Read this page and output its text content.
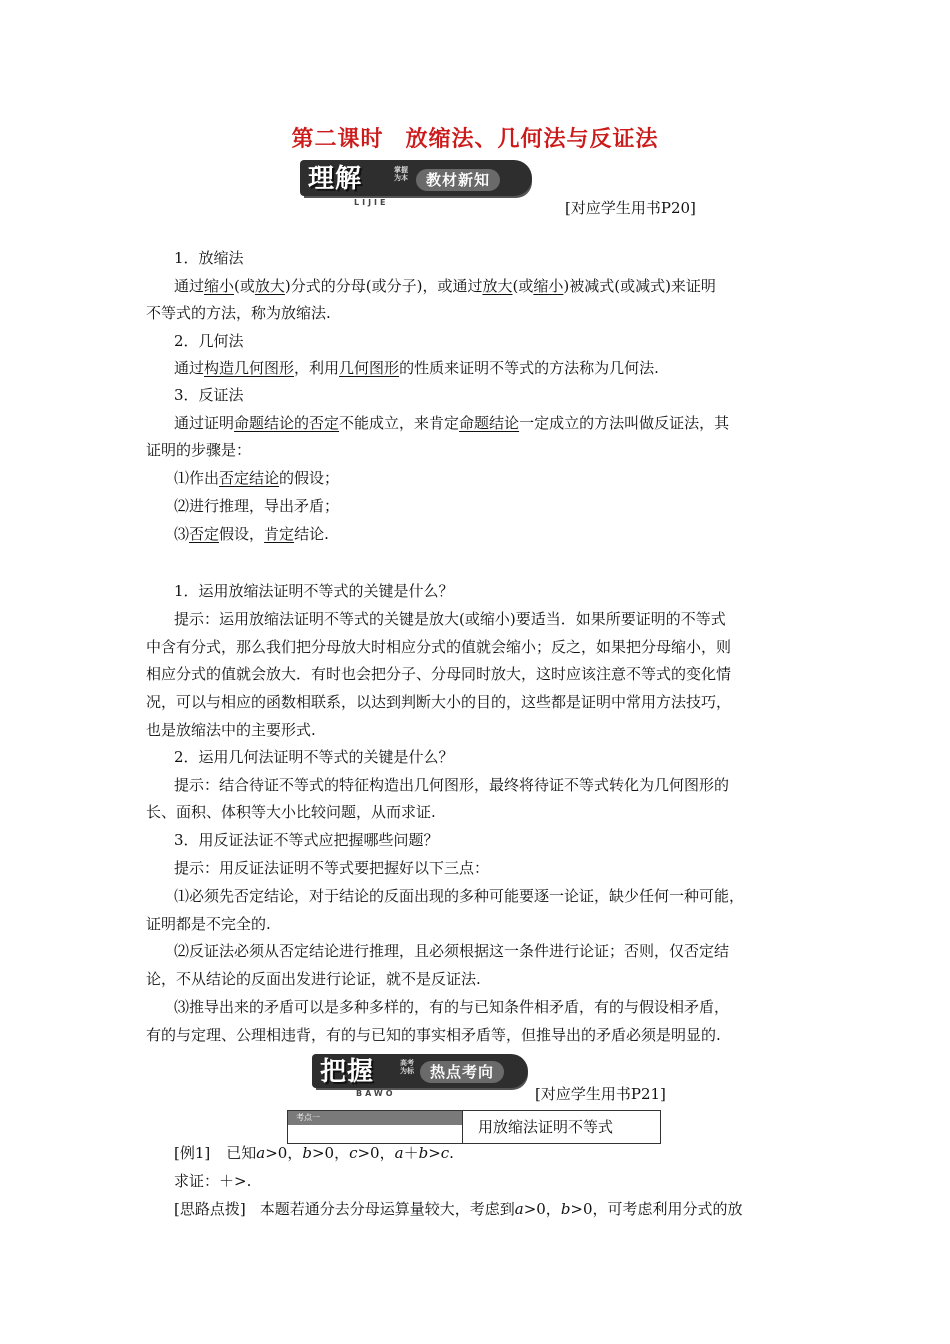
第二课时 放缩法、几何法与反证法
理解	掌握为本	教材新知
LIJIE	[对应学生用书P20]
1．放缩法
通过缩小(或放大)分式的分母(或分子)，或通过放大(或缩小)被减式(或减式)来证明
不等式的方法，称为放缩法.
2．几何法
通过构造几何图形，利用几何图形的性质来证明不等式的方法称为几何法.
3．反证法
通过证明命题结论的否定不能成立，来肯定命题结论一定成立的方法叫做反证法，其
证明的步骤是：
⑴作出否定结论的假设；
⑵进行推理，导出矛盾；
⑶否定假设，肯定结论.
1．运用放缩法证明不等式的关键是什么？
提示：运用放缩法证明不等式的关键是放大(或缩小)要适当．如果所要证明的不等式
中含有分式，那么我们把分母放大时相应分式的值就会缩小；反之，如果把分母缩小，则
相应分式的值就会放大．有时也会把分子、分母同时放大，这时应该注意不等式的变化情
况，可以与相应的函数相联系，以达到判断大小的目的，这些都是证明中常用方法技巧，
也是放缩法中的主要形式.
2．运用几何法证明不等式的关键是什么？
提示：结合待证不等式的特征构造出几何图形，最终将待证不等式转化为几何图形的
长、面积、体积等大小比较问题，从而求证.
3．用反证法证不等式应把握哪些问题？
提示：用反证法证明不等式要把握好以下三点：
⑴必须先否定结论，对于结论的反面出现的多种可能要逐一论证，缺少任何一种可能，
证明都是不完全的.
⑵反证法必须从否定结论进行推理，且必须根据这一条件进行论证；否则，仅否定结
论，不从结论的反面出发进行论证，就不是反证法.
⑶推导出来的矛盾可以是多种多样的，有的与已知条件相矛盾，有的与假设相矛盾，
有的与定理、公理相违背，有的与已知的事实相矛盾等，但推导出的矛盾必须是明显的.
把握	高考为标	热点考向
BAWO	[对应学生用书P21]
考点一
用放缩法证明不等式
[例1] 已知a>0，b>0，c>0，a＋b>c.
求证：＋>.
[思路点拨] 本题若通分去分母运算量较大，考虑到a>0，b>0，可考虑利用分式的放
